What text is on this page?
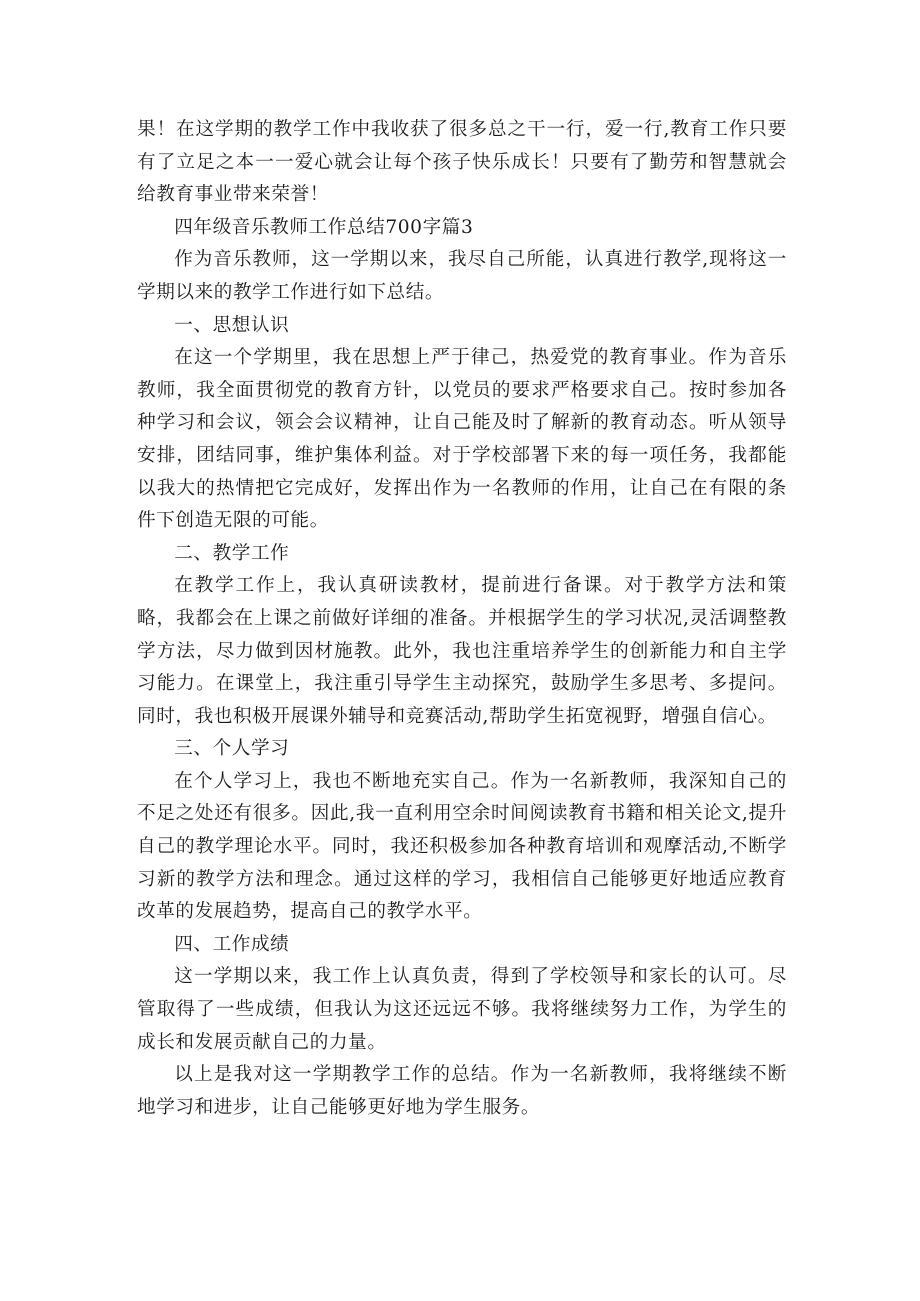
果！在这学期的教学工作中我收获了很多总之干一行，爱一行,教育工作只要有了立足之本一一爱心就会让每个孩子快乐成长！只要有了勤劳和智慧就会给教育事业带来荣誉！

四年级音乐教师工作总结700字篇3

作为音乐教师，这一学期以来，我尽自己所能，认真进行教学,现将这一学期以来的教学工作进行如下总结。

一、思想认识

在这一个学期里，我在思想上严于律己，热爱党的教育事业。作为音乐教师，我全面贯彻党的教育方针，以党员的要求严格要求自己。按时参加各种学习和会议，领会会议精神，让自己能及时了解新的教育动态。听从领导安排，团结同事，维护集体利益。对于学校部署下来的每一项任务，我都能以我大的热情把它完成好，发挥出作为一名教师的作用，让自己在有限的条件下创造无限的可能。

二、教学工作

在教学工作上，我认真研读教材，提前进行备课。对于教学方法和策略，我都会在上课之前做好详细的准备。并根据学生的学习状况,灵活调整教学方法，尽力做到因材施教。此外，我也注重培养学生的创新能力和自主学习能力。在课堂上，我注重引导学生主动探究，鼓励学生多思考、多提问。同时，我也积极开展课外辅导和竞赛活动,帮助学生拓宽视野，增强自信心。

三、个人学习

在个人学习上，我也不断地充实自己。作为一名新教师，我深知自己的不足之处还有很多。因此,我一直利用空余时间阅读教育书籍和相关论文,提升自己的教学理论水平。同时，我还积极参加各种教育培训和观摩活动,不断学习新的教学方法和理念。通过这样的学习，我相信自己能够更好地适应教育改革的发展趋势，提高自己的教学水平。

四、工作成绩

这一学期以来，我工作上认真负责，得到了学校领导和家长的认可。尽管取得了一些成绩，但我认为这还远远不够。我将继续努力工作，为学生的成长和发展贡献自己的力量。

以上是我对这一学期教学工作的总结。作为一名新教师，我将继续不断地学习和进步，让自己能够更好地为学生服务。
